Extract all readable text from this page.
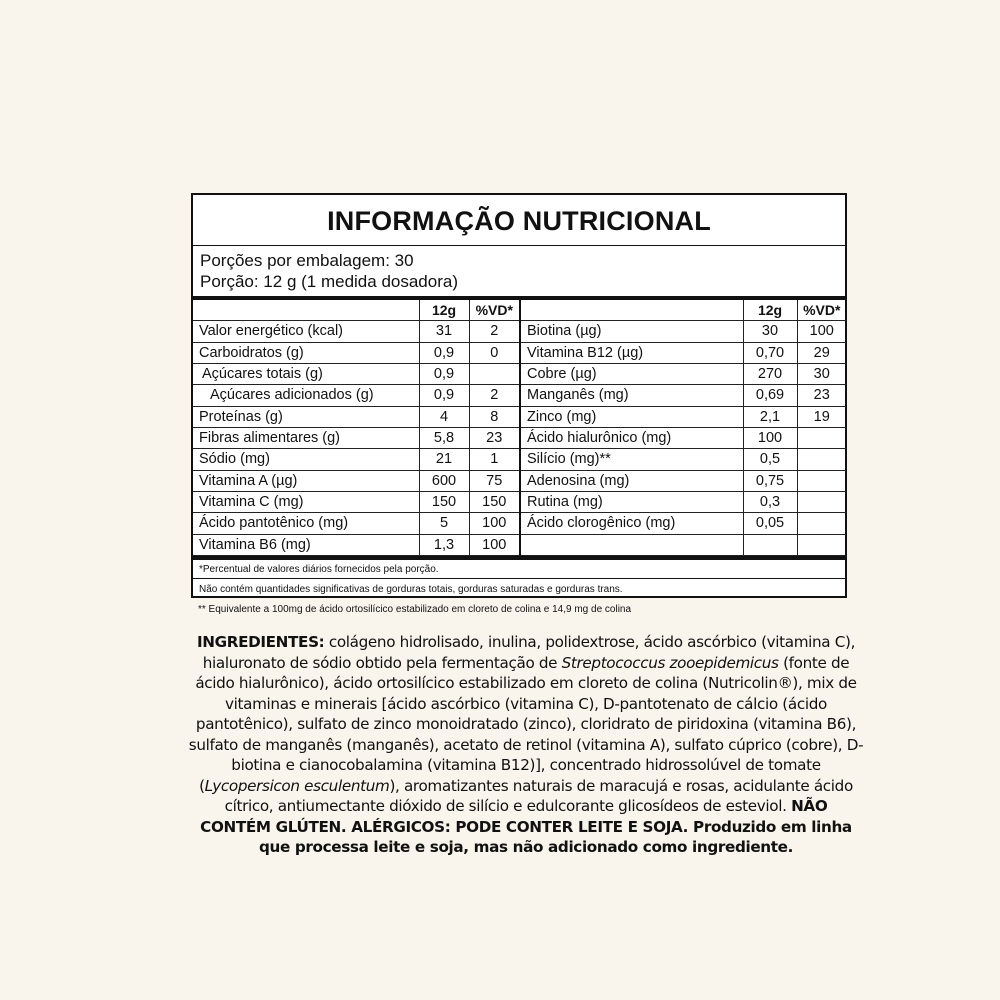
INFORMAÇÃO NUTRICIONAL
Porções por embalagem: 30
Porção: 12 g (1 medida dosadora)
	12g	%VD*
Valor energético (kcal)	31	2
Carboidratos (g)	0,9	0
Açúcares totais (g)	0,9	
Açúcares adicionados (g)	0,9	2
Proteínas (g)	4	8
Fibras alimentares (g)	5,8	23
Sódio (mg)	21	1
Vitamina A (µg)	600	75
Vitamina C (mg)	150	150
Ácido pantotênico (mg)	5	100
Vitamina B6 (mg)	1,3	100
	12g	%VD*
Biotina (µg)	30	100
Vitamina B12 (µg)	0,70	29
Cobre (µg)	270	30
Manganês (mg)	0,69	23
Zinco (mg)	2,1	19
Ácido hialurônico (mg)	100	
Silício (mg)**	0,5	
Adenosina (mg)	0,75	
Rutina (mg)	0,3	
Ácido clorogênico (mg)	0,05	

*Percentual de valores diários fornecidos pela porção.
Não contém quantidades significativas de gorduras totais, gorduras saturadas e gorduras trans.
** Equivalente a 100mg de ácido ortosilícico estabilizado em cloreto de colina e 14,9 mg de colina
INGREDIENTES: colágeno hidrolisado, inulina, polidextrose, ácido ascórbico (vitamina C), hialuronato de sódio obtido pela fermentação de Streptococcus zooepidemicus (fonte de ácido hialurônico), ácido ortosilícico estabilizado em cloreto de colina (Nutricolin®), mix de vitaminas e minerais [ácido ascórbico (vitamina C), D-pantotenato de cálcio (ácido pantotênico), sulfato de zinco monoidratado (zinco), cloridrato de piridoxina (vitamina B6), sulfato de manganês (manganês), acetato de retinol (vitamina A), sulfato cúprico (cobre), D-biotina e cianocobalamina (vitamina B12)], concentrado hidrossolúvel de tomate (Lycopersicon esculentum), aromatizantes naturais de maracujá e rosas, acidulante ácido cítrico, antiumectante dióxido de silício e edulcorante glicosídeos de esteviol. NÃO CONTÉM GLÚTEN. ALÉRGICOS: PODE CONTER LEITE E SOJA. Produzido em linha que processa leite e soja, mas não adicionado como ingrediente.
